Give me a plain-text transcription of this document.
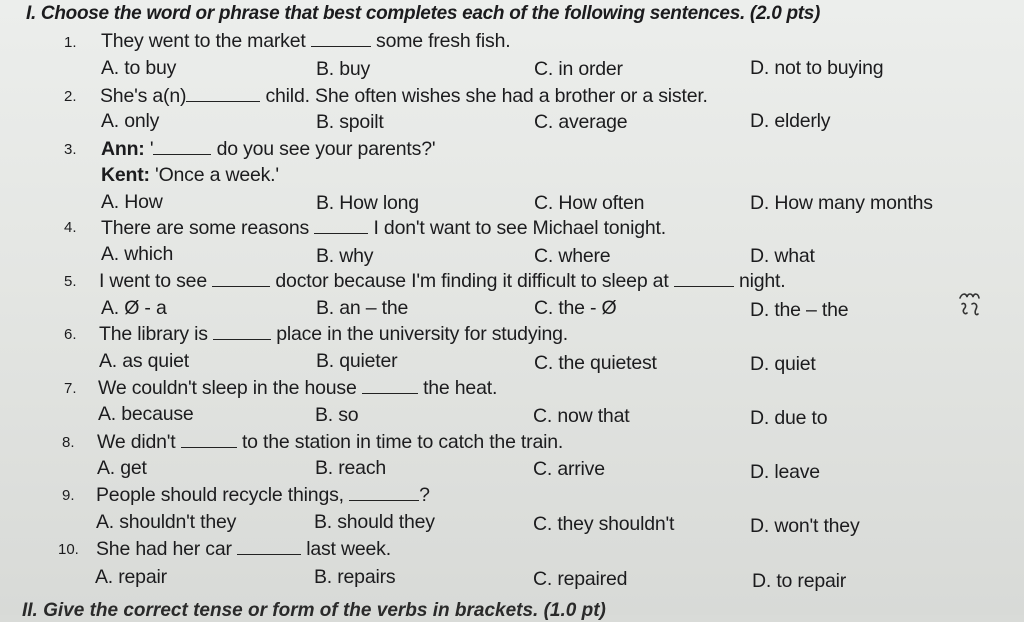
I. Choose the word or phrase that best completes each of the following sentences. (2.0 pts)
1. They went to the market	some fresh fish.
A. to buy	B. buy	C. in order	D. not to buying
2. She's a(n)	child. She often wishes she had a brother or a sister.
A. only	B. spoilt	C. average	D. elderly
3. Ann: '	do you see your parents?'
Kent: 'Once a week.'
A. How	B. How long	C. How often	D. How many months
4. There are some reasons	I don't want to see Michael tonight.
A. which	B. why	C. where	D. what
5. I went to see	doctor because I'm finding it difficult to sleep at	night.
A. Ø - a	B. an – the	C. the - Ø	D. the – the
6. The library is	place in the university for studying.
A. as quiet	B. quieter	C. the quietest	D. quiet
7. We couldn't sleep in the house	the heat.
A. because	B. so	C. now that	D. due to
8. We didn't	to the station in time to catch the train.
A. get	B. reach	C. arrive	D. leave
9. People should recycle things,	?
A. shouldn't they	B. should they	C. they shouldn't	D. won't they
10. She had her car	last week.
A. repair	B. repairs	C. repaired	D. to repair
II. Give the correct tense or form of the verbs in brackets. (1.0 pt)
